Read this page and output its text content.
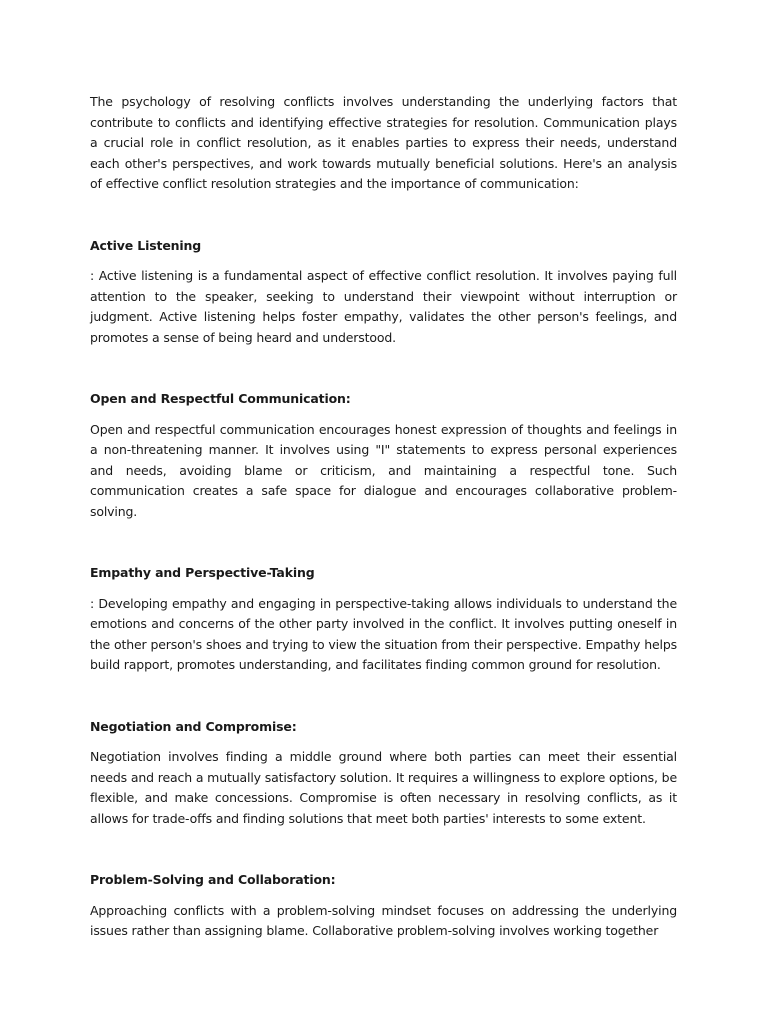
The psychology of resolving conflicts involves understanding the underlying factors that contribute to conflicts and identifying effective strategies for resolution. Communication plays a crucial role in conflict resolution, as it enables parties to express their needs, understand each other's perspectives, and work towards mutually beneficial solutions. Here's an analysis of effective conflict resolution strategies and the importance of communication:

Active Listening

: Active listening is a fundamental aspect of effective conflict resolution. It involves paying full attention to the speaker, seeking to understand their viewpoint without interruption or judgment. Active listening helps foster empathy, validates the other person's feelings, and promotes a sense of being heard and understood.

Open and Respectful Communication:

Open and respectful communication encourages honest expression of thoughts and feelings in a non-threatening manner. It involves using "I" statements to express personal experiences and needs, avoiding blame or criticism, and maintaining a respectful tone. Such communication creates a safe space for dialogue and encourages collaborative problem-solving.

Empathy and Perspective-Taking

: Developing empathy and engaging in perspective-taking allows individuals to understand the emotions and concerns of the other party involved in the conflict. It involves putting oneself in the other person's shoes and trying to view the situation from their perspective. Empathy helps build rapport, promotes understanding, and facilitates finding common ground for resolution.

Negotiation and Compromise:

Negotiation involves finding a middle ground where both parties can meet their essential needs and reach a mutually satisfactory solution. It requires a willingness to explore options, be flexible, and make concessions. Compromise is often necessary in resolving conflicts, as it allows for trade-offs and finding solutions that meet both parties' interests to some extent.

Problem-Solving and Collaboration:

Approaching conflicts with a problem-solving mindset focuses on addressing the underlying issues rather than assigning blame. Collaborative problem-solving involves working together
